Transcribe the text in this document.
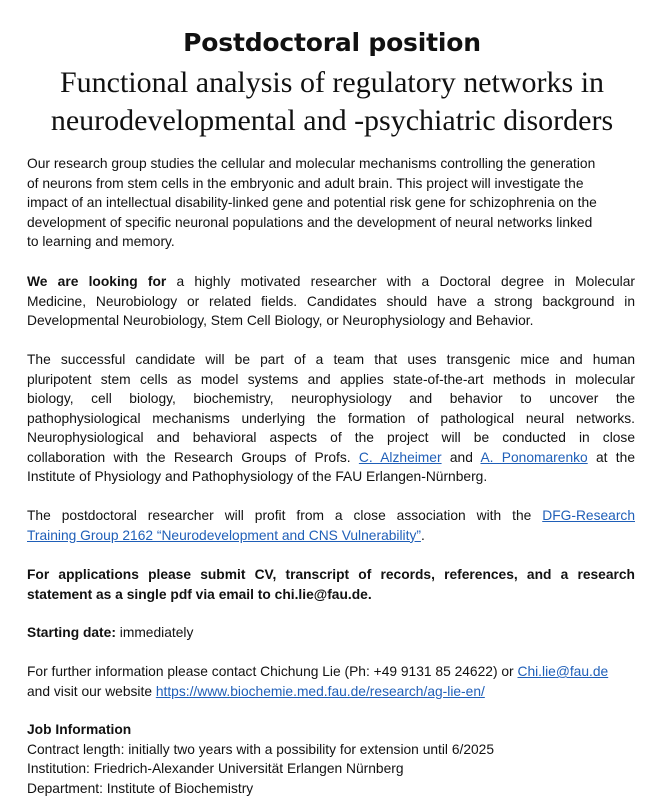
Postdoctoral position
Functional analysis of regulatory networks in
neurodevelopmental and -psychiatric disorders
Our research group studies the cellular and molecular mechanisms controlling the generation
of neurons from stem cells in the embryonic and adult brain. This project will investigate the
impact of an intellectual disability-linked gene and potential risk gene for schizophrenia on the
development of specific neuronal populations and the development of neural networks linked
to learning and memory.
We are looking for a highly motivated researcher with a Doctoral degree in Molecular
Medicine, Neurobiology or related fields. Candidates should have a strong background in
Developmental Neurobiology, Stem Cell Biology, or Neurophysiology and Behavior.
The successful candidate will be part of a team that uses transgenic mice and human
pluripotent stem cells as model systems and applies state-of-the-art methods in molecular
biology, cell biology, biochemistry, neurophysiology and behavior to uncover the
pathophysiological mechanisms underlying the formation of pathological neural networks.
Neurophysiological and behavioral aspects of the project will be conducted in close
collaboration with the Research Groups of Profs. C. Alzheimer and A. Ponomarenko at the
Institute of Physiology and Pathophysiology of the FAU Erlangen-Nürnberg.
The postdoctoral researcher will profit from a close association with the DFG-Research
Training Group 2162 “Neurodevelopment and CNS Vulnerability”.
For applications please submit CV, transcript of records, references, and a research
statement as a single pdf via email to chi.lie@fau.de.
Starting date: immediately
For further information please contact Chichung Lie (Ph: +49 9131 85 24622) or Chi.lie@fau.de
and visit our website https://www.biochemie.med.fau.de/research/ag-lie-en/
Job Information
Contract length: initially two years with a possibility for extension until 6/2025
Institution: Friedrich-Alexander Universität Erlangen Nürnberg
Department: Institute of Biochemistry
